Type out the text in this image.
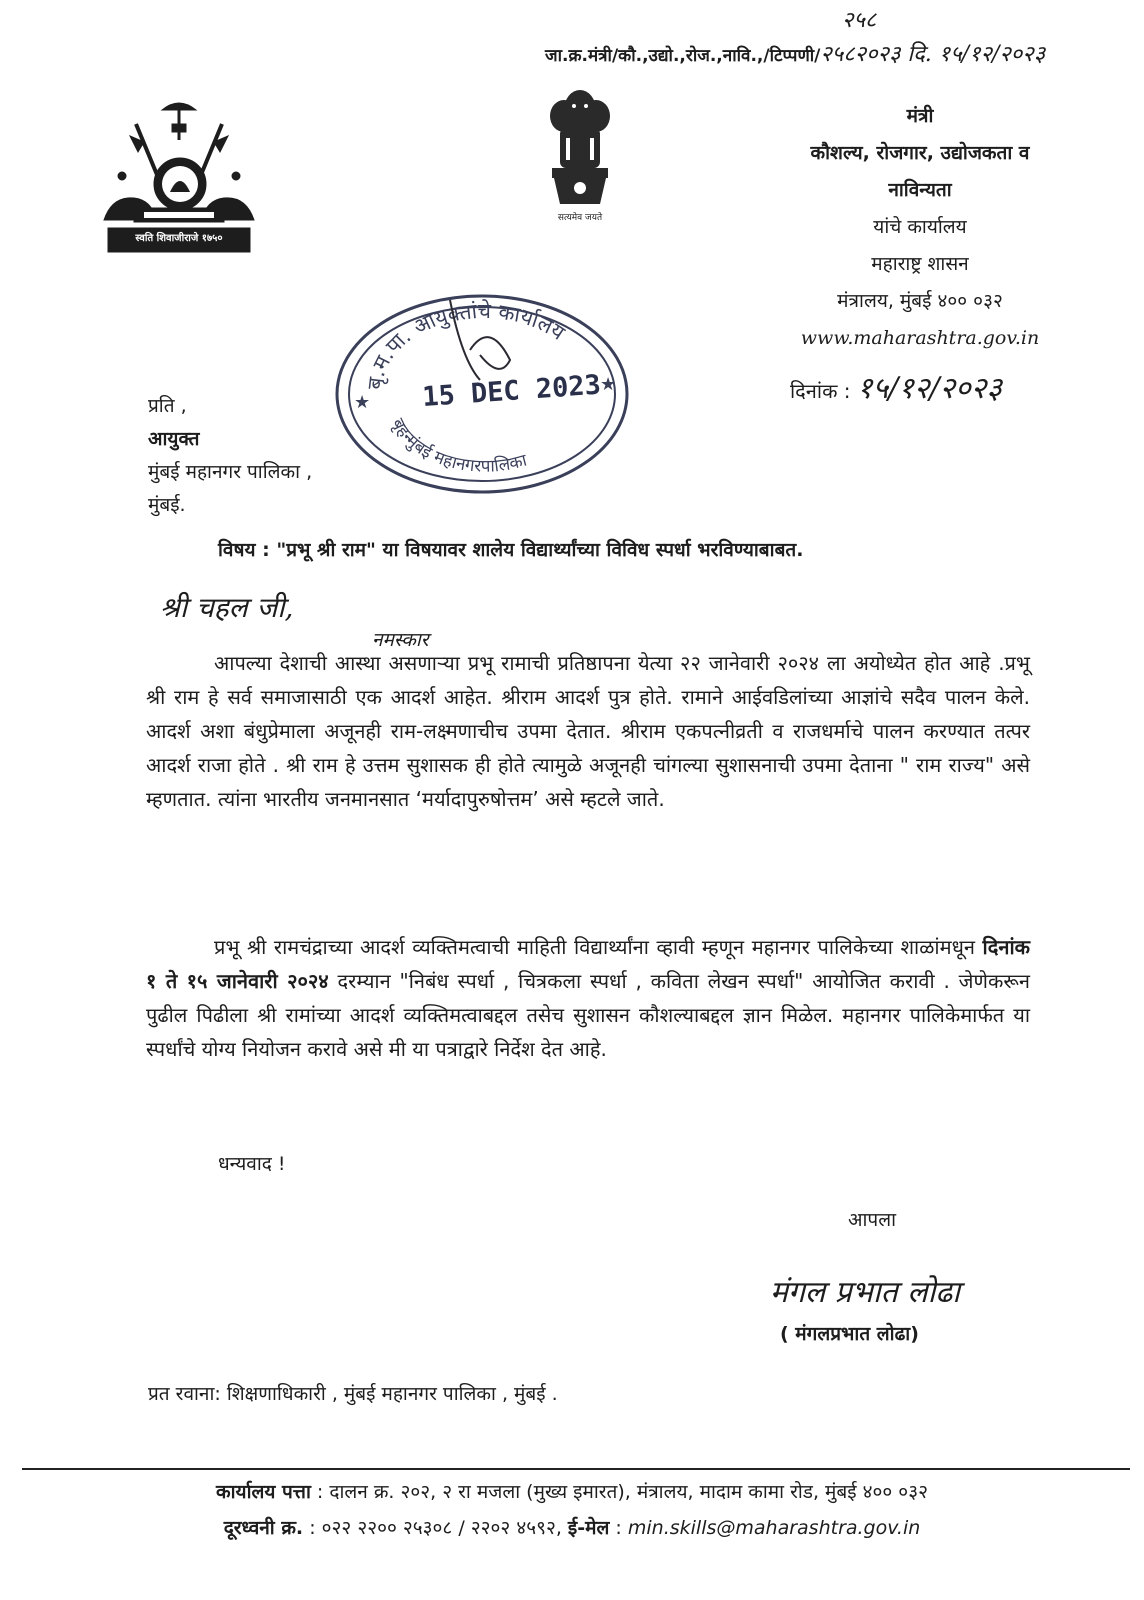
२५८
जा.क्र.मंत्री/कौ.,उद्यो.,रोज.,नावि.,/टिप्पणी/२५८२०२३ दि. १५/१२/२०२३
स्वति शिवाजीराजे १७५०
सत्यमेव जयते
मंत्री
कौशल्य, रोजगार, उद्योजकता व
नाविन्यता
यांचे कार्यालय
महाराष्ट्र शासन
मंत्रालय, मुंबई ४०० ०३२
www.maharashtra.gov.in
दिनांक : १५/१२/२०२३
बृ.म.पा. आयुक्तांचे कार्यालय
बृहन्मुंबई महानगरपालिका
★
★
15 DEC 2023
प्रति ,
आयुक्त
मुंबई महानगर पालिका ,
मुंबई.
विषय : "प्रभू श्री राम" या विषयावर शालेय विद्यार्थ्यांच्या विविध स्पर्धा भरविण्याबाबत.
श्री चहल जी,
नमस्कार
आपल्या देशाची आस्था असणाऱ्या प्रभू रामाची प्रतिष्ठापना येत्या २२ जानेवारी २०२४ ला अयोध्येत होत आहे .प्रभू श्री राम हे सर्व समाजासाठी एक आदर्श आहेत. श्रीराम आदर्श पुत्र होते. रामाने आईवडिलांच्या आज्ञांचे सदैव पालन केले. आदर्श अशा बंधुप्रेमाला अजूनही राम-लक्ष्मणाचीच उपमा देतात. श्रीराम एकपत्नीव्रती व राजधर्माचे पालन करण्यात तत्पर आदर्श राजा होते . श्री राम हे उत्तम सुशासक ही होते त्यामुळे अजूनही चांगल्या सुशासनाची उपमा देताना " राम राज्य" असे म्हणतात. त्यांना भारतीय जनमानसात ‘मर्यादापुरुषोत्तम’ असे म्हटले जाते.
प्रभू श्री रामचंद्राच्या आदर्श व्यक्तिमत्वाची माहिती विद्यार्थ्यांना व्हावी म्हणून महानगर पालिकेच्या शाळांमधून दिनांक १ ते १५ जानेवारी २०२४ दरम्यान "निबंध स्पर्धा , चित्रकला स्पर्धा , कविता लेखन स्पर्धा" आयोजित करावी . जेणेकरून पुढील पिढीला श्री रामांच्या आदर्श व्यक्तिमत्वाबद्दल तसेच सुशासन कौशल्याबद्दल ज्ञान मिळेल. महानगर पालिकेमार्फत या स्पर्धांचे योग्य नियोजन करावे असे मी या पत्राद्वारे निर्देश देत आहे.
धन्यवाद !
आपला
मंगल प्रभात लोढा
( मंगलप्रभात लोढा)
प्रत रवाना: शिक्षणाधिकारी , मुंबई महानगर पालिका , मुंबई .
कार्यालय पत्ता : दालन क्र. २०२, २ रा मजला (मुख्य इमारत), मंत्रालय, मादाम कामा रोड, मुंबई ४०० ०३२
दूरध्वनी क्र. : ०२२ २२०० २५३०८ / २२०२ ४५९२, ई-मेल : min.skills@maharashtra.gov.in
